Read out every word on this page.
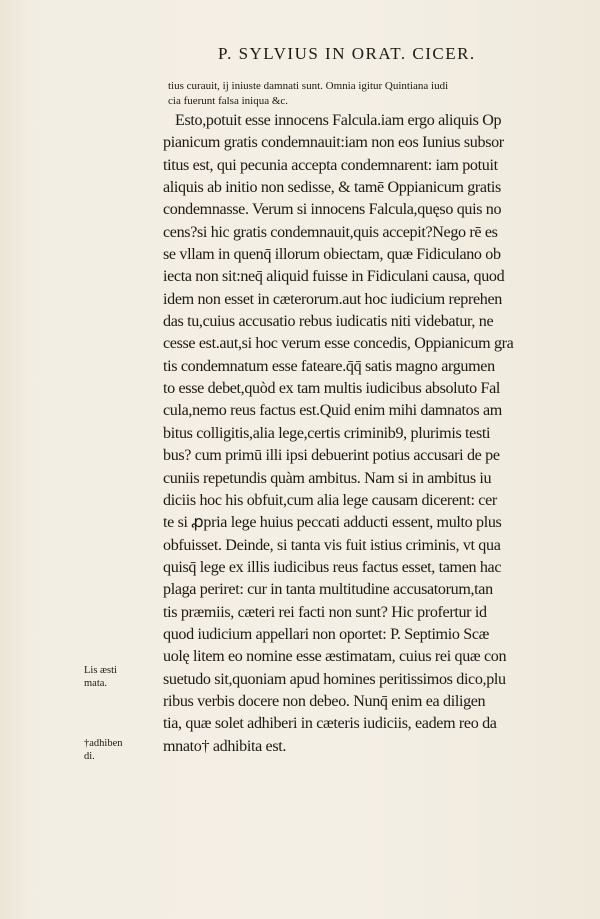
P. SYLVIUS IN ORAT. CICER.
tius curauit, ij iniuste damnati sunt. Omnia igitur Quintiana iudi
cia fuerunt falsa iniqua &c.
Esto,potuit esse innocens Falcula.iam ergo aliquis Op
pianicum gratis condemnauit:iam non eos Iunius subsor
titus est, qui pecunia accepta condemnarent: iam potuit
aliquis ab initio non sedisse, & tamē Oppianicum gratis
condemnasse. Verum si innocens Falcula,quęso quis no
cens?si hic gratis condemnauit,quis accepit?Nego rē es
se vllam in quenq̄ illorum obiectam, quæ Fidiculano ob
iecta non sit:neq̄ aliquid fuisse in Fidiculani causa, quod
idem non esset in cæterorum.aut hoc iudicium reprehen
das tu,cuius accusatio rebus iudicatis niti videbatur, ne
cesse est.aut,si hoc verum esse concedis, Oppianicum gra
tis condemnatum esse fateare.q̄q̄ satis magno argumen
to esse debet,quòd ex tam multis iudicibus absoluto Fal
cula,nemo reus factus est.Quid enim mihi damnatos am
bitus colligitis,alia lege,certis criminib9, plurimis testi
bus? cum primū illi ipsi debuerint potius accusari de pe
cuniis repetundis quàm ambitus. Nam si in ambitus iu
diciis hoc his obfuit,cum alia lege causam dicerent: cer
te si ꝓpria lege huius peccati adducti essent, multo plus
obfuisset. Deinde, si tanta vis fuit istius criminis, vt qua
quisq̄ lege ex illis iudicibus reus factus esset, tamen hac
plaga periret: cur in tanta multitudine accusatorum,tan
tis præmiis, cæteri rei facti non sunt? Hic profertur id
quod iudicium appellari non oportet: P. Septimio Scæ
uolę litem eo nomine esse æstimatam, cuius rei quæ con
suetudo sit,quoniam apud homines peritissimos dico,plu
ribus verbis docere non debeo. Nunq̄ enim ea diligen
tia, quæ solet adhiberi in cæteris iudiciis, eadem reo da
mnato† adhibita est.
Lis æsti
mata.
†adhiben
di.
